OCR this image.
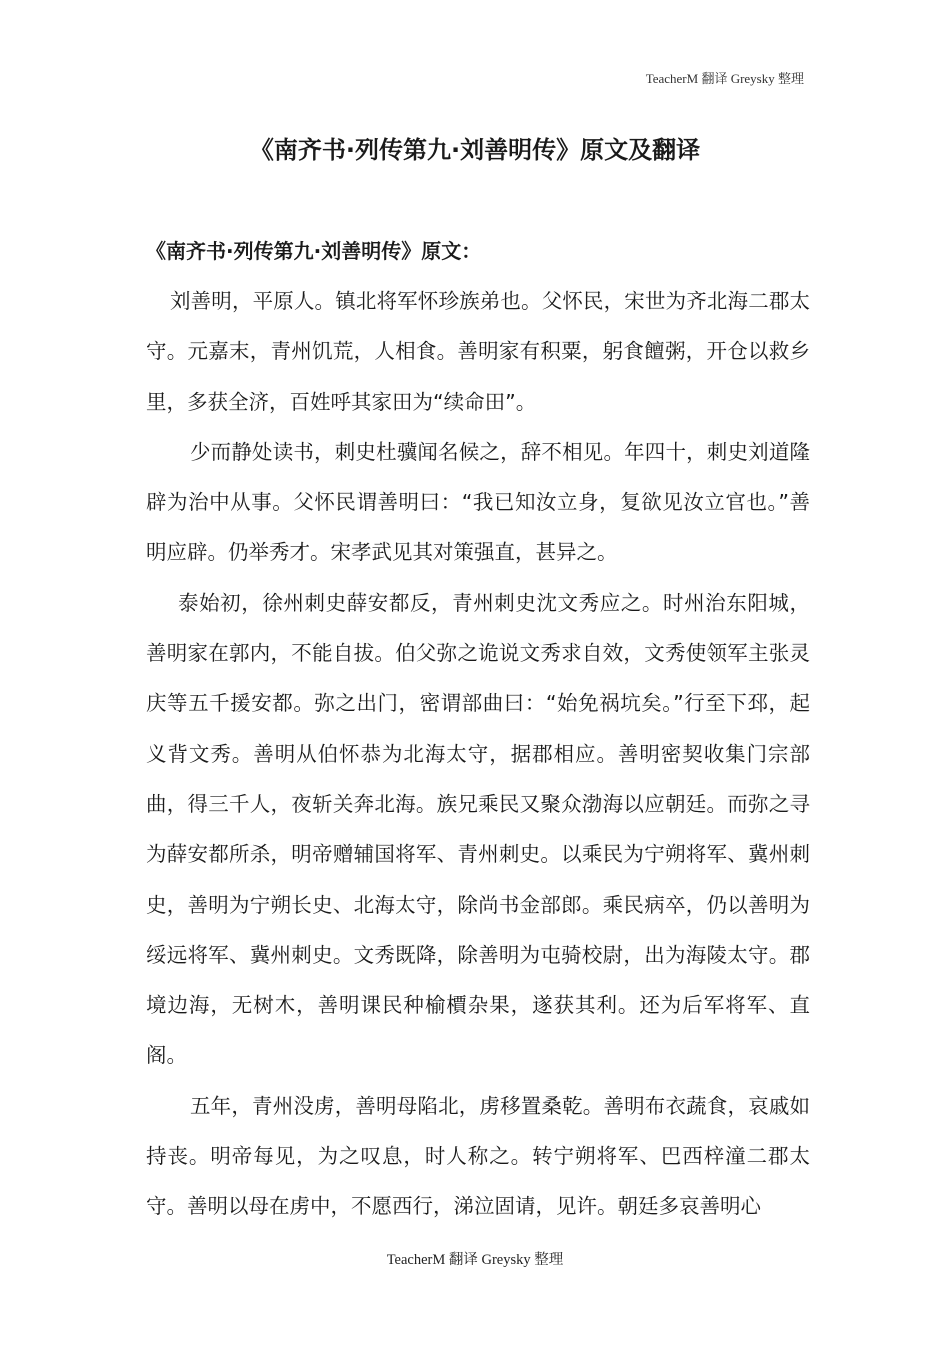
TeacherM 翻译 Greysky 整理
《南齐书·列传第九·刘善明传》原文及翻译
《南齐书·列传第九·刘善明传》原文：

刘善明，平原人。镇北将军怀珍族弟也。父怀民，宋世为齐北海二郡太守。元嘉末，青州饥荒，人相食。善明家有积粟，躬食饘粥，开仓以救乡里，多获全济，百姓呼其家田为“续命田”。

少而静处读书，刺史杜骥闻名候之，辞不相见。年四十，刺史刘道隆辟为治中从事。父怀民谓善明曰：“我已知汝立身，复欲见汝立官也。”善明应辟。仍举秀才。宋孝武见其对策强直，甚异之。

泰始初，徐州刺史薛安都反，青州刺史沈文秀应之。时州治东阳城，善明家在郭内，不能自拔。伯父弥之诡说文秀求自效，文秀使领军主张灵庆等五千援安都。弥之出门，密谓部曲曰：“始免祸坑矣。”行至下邳，起义背文秀。善明从伯怀恭为北海太守，据郡相应。善明密契收集门宗部曲，得三千人，夜斩关奔北海。族兄乘民又聚众渤海以应朝廷。而弥之寻为薛安都所杀，明帝赠辅国将军、青州刺史。以乘民为宁朔将军、冀州刺史，善明为宁朔长史、北海太守，除尚书金部郎。乘民病卒，仍以善明为绥远将军、冀州刺史。文秀既降，除善明为屯骑校尉，出为海陵太守。郡境边海，无树木，善明课民种榆檟杂果，遂获其利。还为后军将军、直阁。

五年，青州没虏，善明母陷北，虏移置桑乾。善明布衣蔬食，哀戚如持丧。明帝每见，为之叹息，时人称之。转宁朔将军、巴西梓潼二郡太守。善明以母在虏中，不愿西行，涕泣固请，见许。朝廷多哀善明心

TeacherM 翻译 Greysky 整理
